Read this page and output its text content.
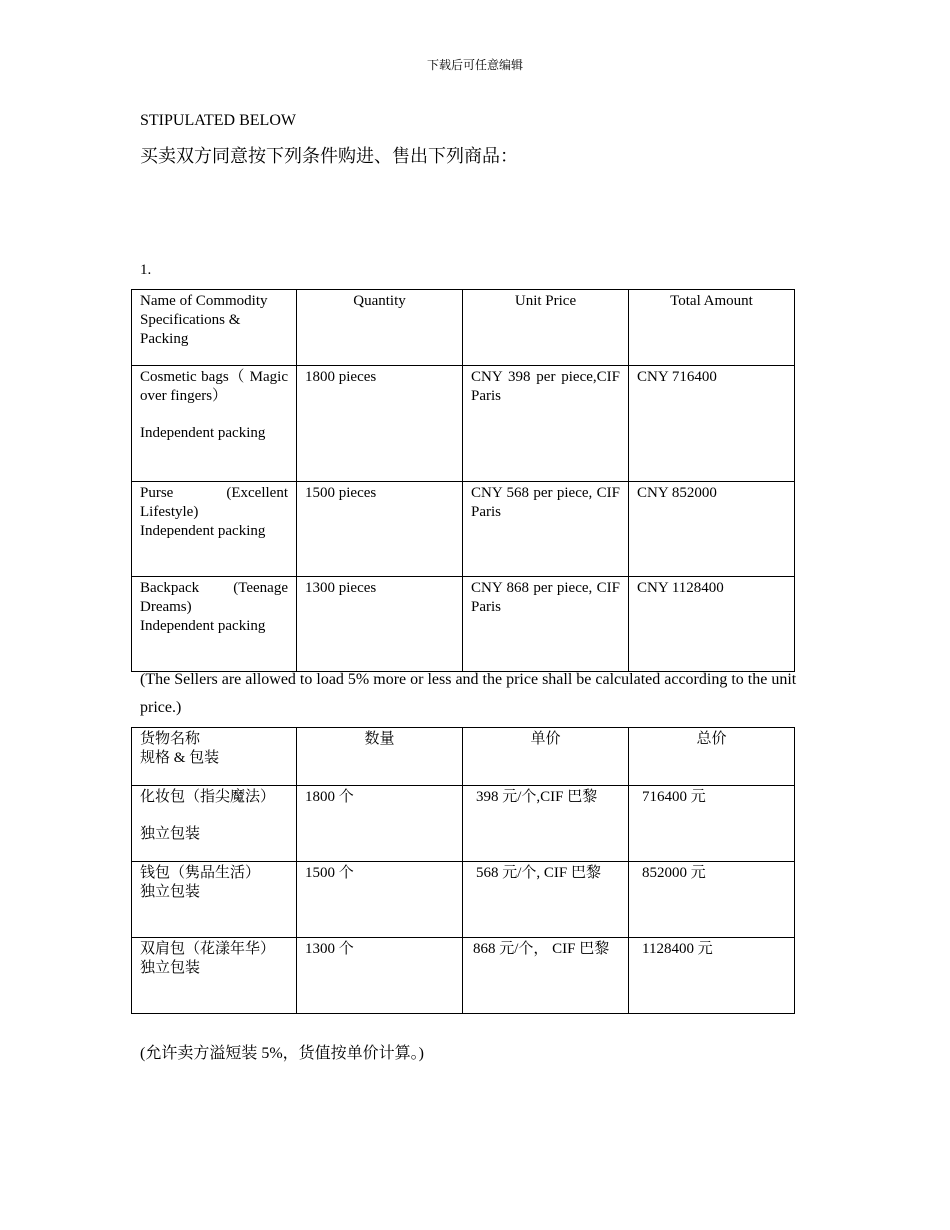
下载后可任意编辑
STIPULATED BELOW
买卖双方同意按下列条件购进、售出下列商品：
1.
Name of Commodity Specifications & Packing	Quantity	Unit Price	Total Amount

Cosmetic bags（ Magic over fingers）
Independent packing	1800 pieces	CNY 398 per piece,CIF Paris	CNY 716400

Purse (Excellent Lifestyle)
Independent packing	1500 pieces	CNY 568 per piece, CIF Paris	CNY 852000

Backpack (Teenage Dreams)
Independent packing	1300 pieces	CNY 868 per piece, CIF Paris	CNY 1128400
(The Sellers are allowed to load 5% more or less and the price shall be calculated according to the unit price.)
货物名称
规格 & 包装	数量	单价	总价

化妆包（指尖魔法）
独立包装	1800 个	398 元/个,CIF 巴黎	716400 元

钱包（隽品生活）
独立包装	1500 个	568 元/个, CIF 巴黎	852000 元

双肩包（花漾年华）
独立包装	1300 个	868 元/个， CIF 巴黎	1128400 元
(允许卖方溢短装 5%，货值按单价计算。)
